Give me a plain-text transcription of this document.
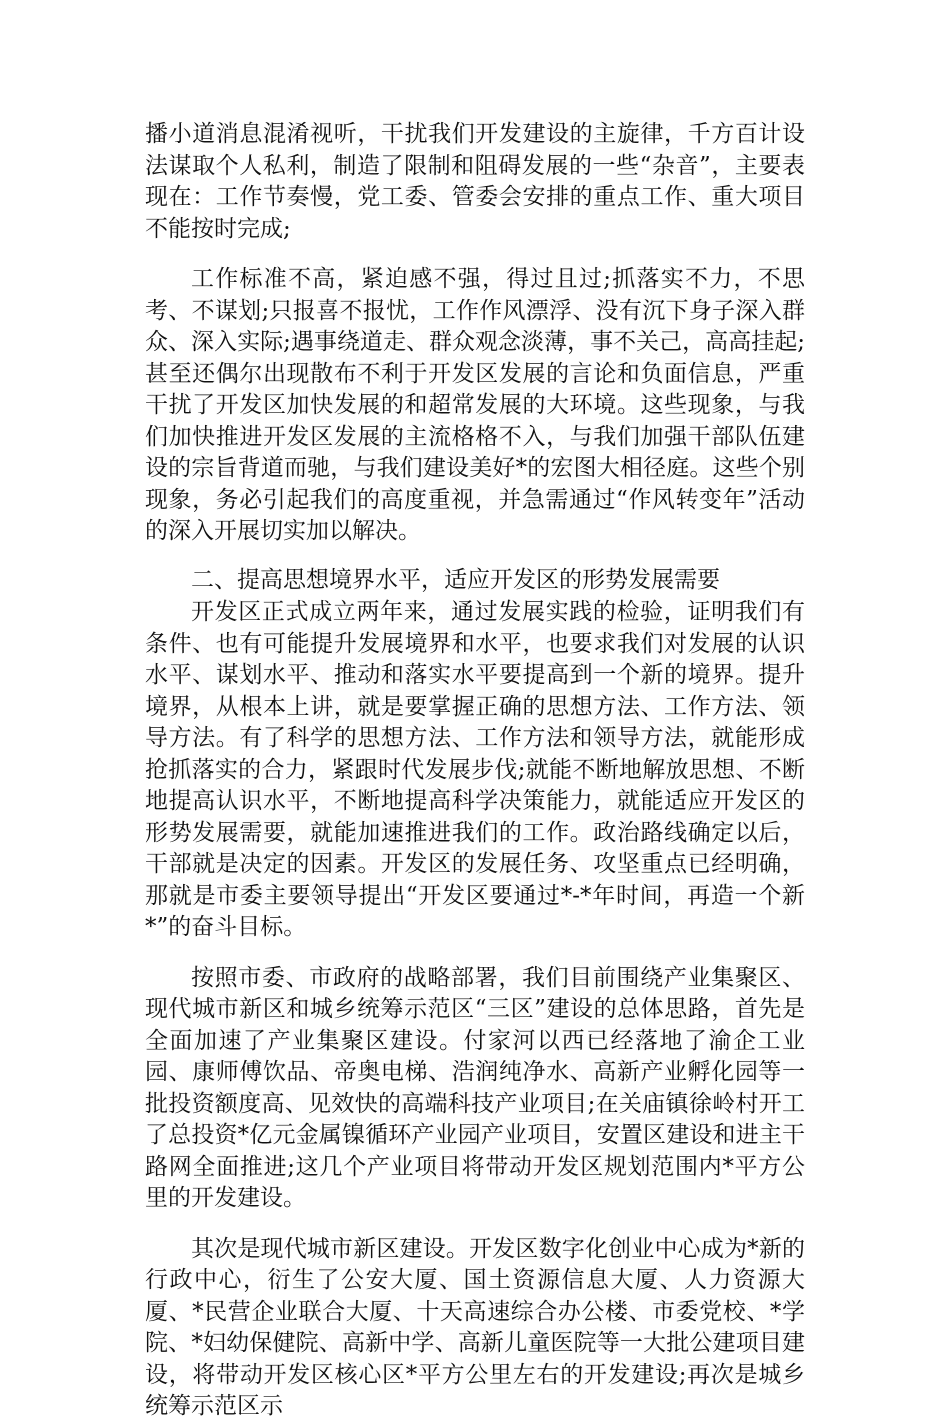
播小道消息混淆视听，干扰我们开发建设的主旋律，千方百计设法谋取个人私利，制造了限制和阻碍发展的一些“杂音”，主要表现在：工作节奏慢，党工委、管委会安排的重点工作、重大项目不能按时完成;

工作标准不高，紧迫感不强，得过且过;抓落实不力，不思考、不谋划;只报喜不报忧，工作作风漂浮、没有沉下身子深入群众、深入实际;遇事绕道走、群众观念淡薄，事不关己，高高挂起;甚至还偶尔出现散布不利于开发区发展的言论和负面信息，严重干扰了开发区加快发展的和超常发展的大环境。这些现象，与我们加快推进开发区发展的主流格格不入，与我们加强干部队伍建设的宗旨背道而驰，与我们建设美好*的宏图大相径庭。这些个别现象，务必引起我们的高度重视，并急需通过“作风转变年”活动的深入开展切实加以解决。

二、提高思想境界水平，适应开发区的形势发展需要

开发区正式成立两年来，通过发展实践的检验，证明我们有条件、也有可能提升发展境界和水平，也要求我们对发展的认识水平、谋划水平、推动和落实水平要提高到一个新的境界。提升境界，从根本上讲，就是要掌握正确的思想方法、工作方法、领导方法。有了科学的思想方法、工作方法和领导方法，就能形成抢抓落实的合力，紧跟时代发展步伐;就能不断地解放思想、不断地提高认识水平，不断地提高科学决策能力，就能适应开发区的形势发展需要，就能加速推进我们的工作。政治路线确定以后，干部就是决定的因素。开发区的发展任务、攻坚重点已经明确，那就是市委主要领导提出“开发区要通过*-*年时间，再造一个新*”的奋斗目标。

按照市委、市政府的战略部署，我们目前围绕产业集聚区、现代城市新区和城乡统筹示范区“三区”建设的总体思路，首先是全面加速了产业集聚区建设。付家河以西已经落地了渝企工业园、康师傅饮品、帝奥电梯、浩润纯净水、高新产业孵化园等一批投资额度高、见效快的高端科技产业项目;在关庙镇徐岭村开工了总投资*亿元金属镍循环产业园产业项目，安置区建设和进主干路网全面推进;这几个产业项目将带动开发区规划范围内*平方公里的开发建设。

其次是现代城市新区建设。开发区数字化创业中心成为*新的行政中心，衍生了公安大厦、国土资源信息大厦、人力资源大厦、*民营企业联合大厦、十天高速综合办公楼、市委党校、*学院、*妇幼保健院、高新中学、高新儿童医院等一大批公建项目建设，将带动开发区核心区*平方公里左右的开发建设;再次是城乡统筹示范区示
